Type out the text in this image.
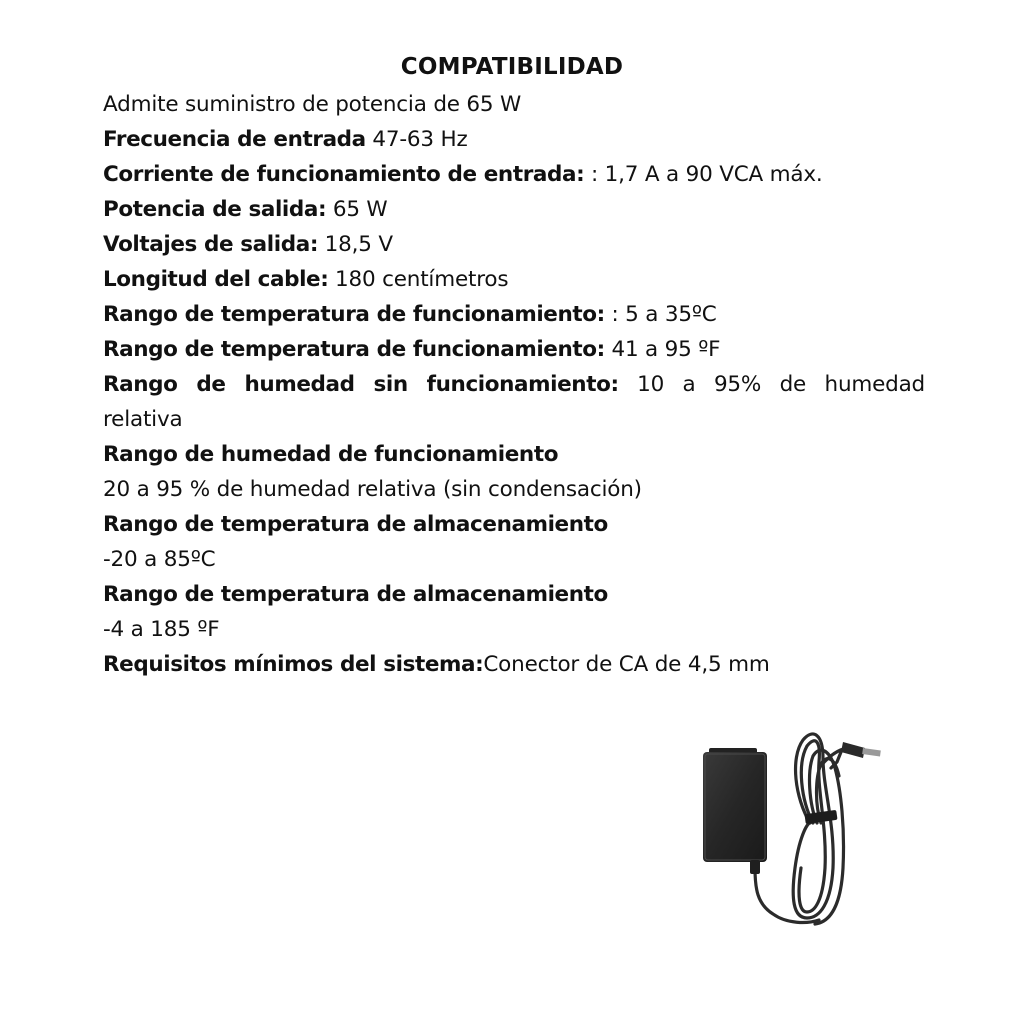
COMPATIBILIDAD
Admite suministro de potencia de 65 W
Frecuencia de entrada 47-63 Hz
Corriente de funcionamiento de entrada: : 1,7 A a 90 VCA máx.
Potencia de salida: 65 W
Voltajes de salida: 18,5 V
Longitud del cable: 180 centímetros
Rango de temperatura de funcionamiento: : 5 a 35ºC
Rango de temperatura de funcionamiento: 41 a 95 ºF
Rango de humedad sin funcionamiento: 10 a 95% de humedad
relativa
Rango de humedad de funcionamiento
20 a 95 % de humedad relativa (sin condensación)
Rango de temperatura de almacenamiento
-20 a 85ºC
Rango de temperatura de almacenamiento
-4 a 185 ºF
Requisitos mínimos del sistema:Conector de CA de 4,5 mm
